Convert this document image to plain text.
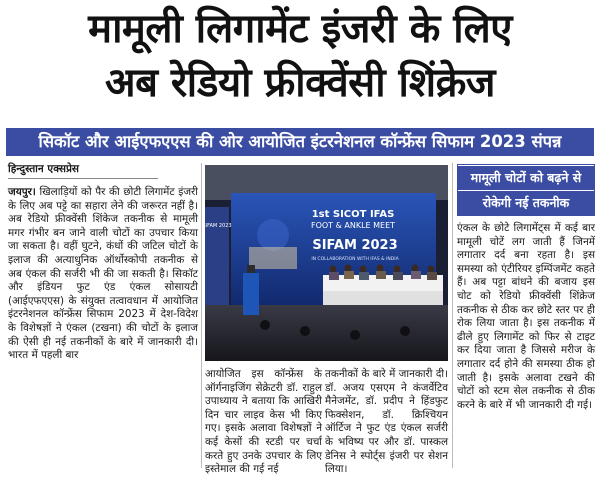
मामूली लिगामेंट इंजरी के लिए
अब रेडियो फ्रीक्वेंसी शिंक्रेज
सिकॉट और आईएफएएस की ओर आयोजित इंटरनेशनल कॉन्फ्रेंस सिफाम 2023 संपन्न
हिन्दुस्तान एक्सप्रेस
जयपुर। खिलाड़ियों को पैर की छोटी लिगामेंट इंजरी के लिए अब पट्टे का सहारा लेने की जरूरत नहीं है। अब रेडियो फ्रीक्वेंसी शिंकेज तकनीक से मामूली मगर गंभीर बन जाने वाली चोटों का उपचार किया जा सकता है। वहीं घुटने, कंधों की जटिल चोटों के इलाज की अत्याधुनिक ऑर्थोस्कोपी तकनीक से अब एंकल की सर्जरी भी की जा सकती है। सिकॉट और इंडियन फुट एंड एंकल सोसायटी (आईएफएएस) के संयुक्त तत्वावधान में आयोजित इंटरनेशनल कॉन्फ्रेंस सिफाम 2023 में देश-विदेश के विशेषज्ञों ने एंकल (टखना) की चोटों के इलाज की ऐसी ही नई तकनीकों के बारे में जानकारी दी। भारत में पहली बार
SIFAM 2023
1st SICOT IFAS
FOOT & ANKLE MEET
SIFAM 2023
IN COLLABORATION WITH IFAS & INDIA
आयोजित इस कॉन्फ्रेंस के ऑर्गनाइजिंग सेक्रेटरी डॉ. राहुल उपाध्याय ने बताया कि आखिरी दिन चार लाइव केस भी किए गए। इसके अलावा विशेषज्ञों ने कई केसों की स्टडी पर चर्चा करते हुए उनके उपचार के लिए इस्तेमाल की गई नई
तकनीकों के बारे में जानकारी दी। डॉ. अजय एसएम ने कंजर्वेटिव मैनेजमेंट, डॉ. प्रदीप ने हिंडफुट फिक्सेशन, डॉ. क्रिश्चियन ऑर्टिज ने फुट एंड एंकल सर्जरी के भविष्य पर और डॉ. पास्कल डेनिस ने स्पोर्ट्स इंजरी पर सेशन लिया।
मामूली चोटों को बढ़ने से
रोकेगी नई तकनीक
एंकल के छोटे लिगामेंट्स में कई बार मामूली चोटें लग जाती हैं जिनमें लगातार दर्द बना रहता है। इस समस्या को एंटीरियर इम्पिंजमेंट कहते हैं। अब पट्टा बांधने की बजाय इस चोट को रेडियो फ्रीक्वेंसी शिंक्रेज तकनीक से ठीक कर छोटे स्तर पर ही रोक लिया जाता है। इस तकनीक में ढीले हुए लिगामेंट को फिर से टाइट कर दिया जाता है जिससे मरीज के लगातार दर्द होने की समस्या ठीक हो जाती है। इसके अलावा टखने की चोटों को स्टम सेल तकनीक से ठीक करने के बारे में भी जानकारी दी गई।
